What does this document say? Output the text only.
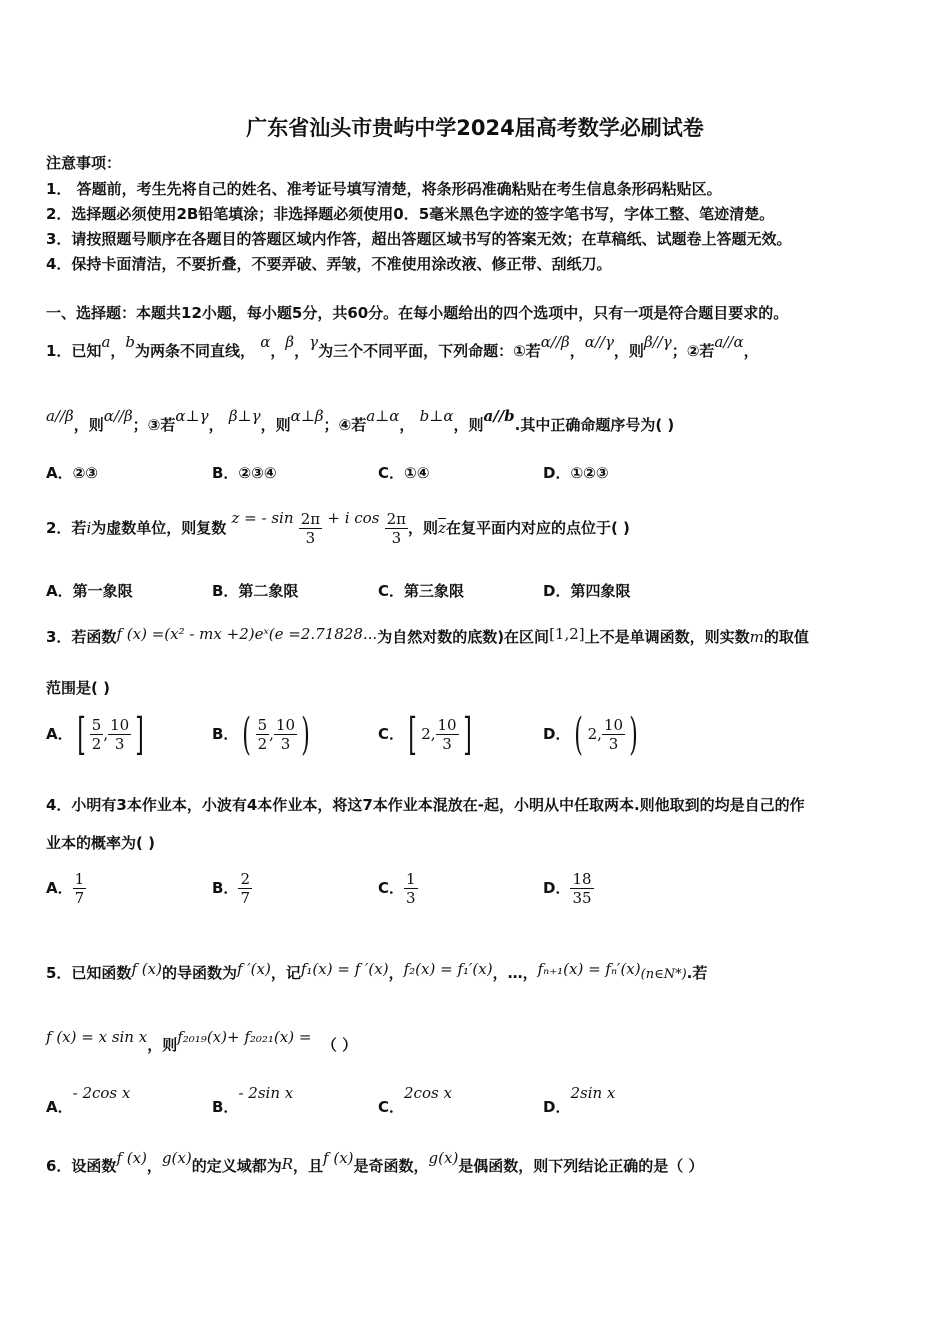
广东省汕头市贵屿中学2024届高考数学必刷试卷
注意事项：
1． 答题前，考生先将自己的姓名、准考证号填写清楚，将条形码准确粘贴在考生信息条形码粘贴区。
2．选择题必须使用2B铅笔填涂；非选择题必须使用0．5毫米黑色字迹的签字笔书写，字体工整、笔迹清楚。
3．请按照题号顺序在各题目的答题区域内作答，超出答题区域书写的答案无效；在草稿纸、试题卷上答题无效。
4．保持卡面清洁，不要折叠，不要弄破、弄皱，不准使用涂改液、修正带、刮纸刀。
一、选择题：本题共12小题，每小题5分，共60分。在每小题给出的四个选项中，只有一项是符合题目要求的。
1．已知a，b为两条不同直线， α，β，γ为三个不同平面，下列命题：①若α//β，α//γ，则β//γ；②若a//α，
a//β，则α//β；③若α⊥γ， β⊥γ，则α⊥β；④若a⊥α， b⊥α，则a//b.其中正确命题序号为( )
A．②③	B．②③④	C．①④	D．①②③
2．若i为虚数单位，则复数 z = - $\sin \frac{2\pi}{3} + i$ $\cos \frac{2\pi}{3}$ ，则$\overline{z}$在复平面内对应的点位于( )
A．第一象限	B．第二象限	C．第三象限	D．第四象限
3．若函数f (x) =(x² - mx +2)eˣ(e =2.71828...为自然对数的底数)在区间[1,2]上不是单调函数，则实数m的取值
范围是( )
A．[ $\frac{5}{2}$ , $\frac{10}{3}$ ]	B．( $\frac{5}{2}$ , $\frac{10}{3}$ )	C．[ 2, $\frac{10}{3}$ ]	D．( 2, $\frac{10}{3}$ )
4．小明有3本作业本，小波有4本作业本，将这7本作业本混放在-起，小明从中任取两本.则他取到的均是自己的作
业本的概率为( )
A． $\frac{1}{7}$	B． $\frac{2}{7}$	C． $\frac{1}{3}$	D． $\frac{18}{35}$
5．已知函数f (x)的导函数为f ′(x)，记f₁(x) = f ′(x)，f₂(x) = f₁′(x)，…，fₙ₊₁(x) = fₙ′(x)(n∈N*).若
f (x) = x sin x，则f₂₀₁₉(x)+ f₂₀₂₁(x) = （ ）
A．- 2cos x
B．- 2sin x
C．2cos x
D．2sin x
6．设函数f (x)，g(x)的定义域都为R，且f (x)是奇函数，g(x)是偶函数，则下列结论正确的是（ ）
